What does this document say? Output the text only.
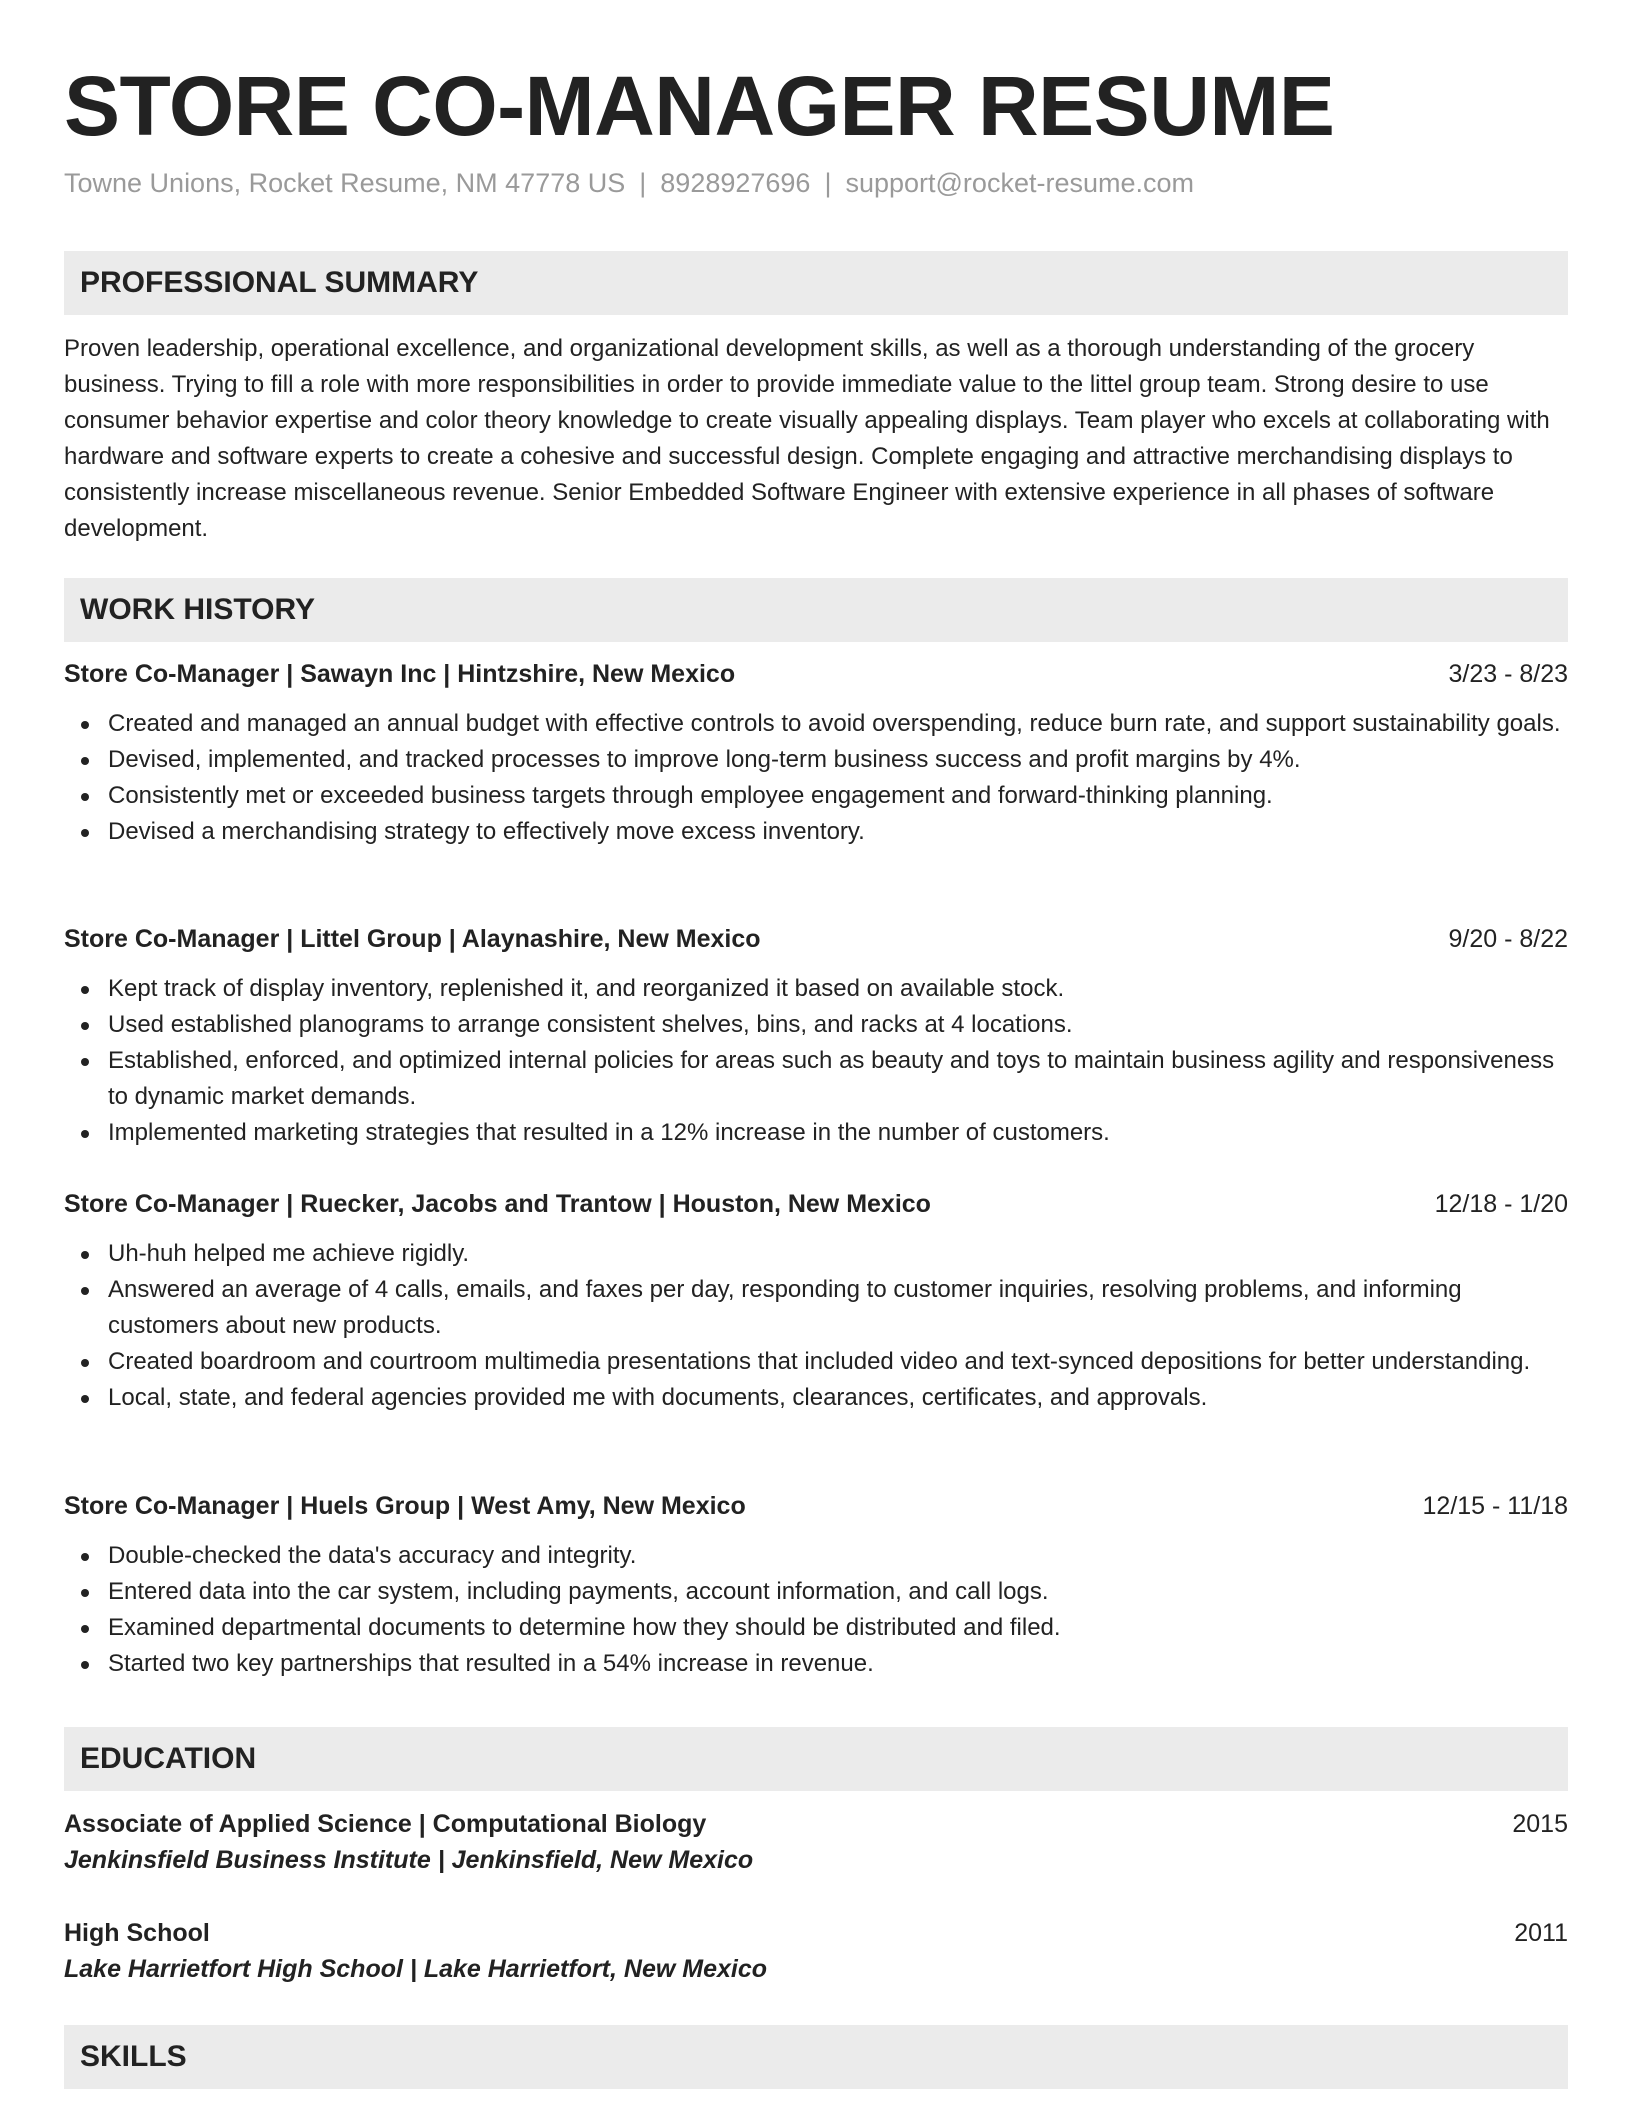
STORE CO-MANAGER RESUME
Towne Unions, Rocket Resume, NM 47778 US | 8928927696 | support@rocket-resume.com
PROFESSIONAL SUMMARY

Proven leadership, operational excellence, and organizational development skills, as well as a thorough understanding of the grocery business. Trying to fill a role with more responsibilities in order to provide immediate value to the littel group team. Strong desire to use consumer behavior expertise and color theory knowledge to create visually appealing displays. Team player who excels at collaborating with hardware and software experts to create a cohesive and successful design. Complete engaging and attractive merchandising displays to consistently increase miscellaneous revenue. Senior Embedded Software Engineer with extensive experience in all phases of software development.

WORK HISTORY
Store Co-Manager | Sawayn Inc | Hintzshire, New Mexico	3/23 - 8/23
Created and managed an annual budget with effective controls to avoid overspending, reduce burn rate, and support sustainability goals.
Devised, implemented, and tracked processes to improve long-term business success and profit margins by 4%.
Consistently met or exceeded business targets through employee engagement and forward-thinking planning.
Devised a merchandising strategy to effectively move excess inventory.
Store Co-Manager | Littel Group | Alaynashire, New Mexico	9/20 - 8/22
Kept track of display inventory, replenished it, and reorganized it based on available stock.
Used established planograms to arrange consistent shelves, bins, and racks at 4 locations.
Established, enforced, and optimized internal policies for areas such as beauty and toys to maintain business agility and responsiveness to dynamic market demands.
Implemented marketing strategies that resulted in a 12% increase in the number of customers.
Store Co-Manager | Ruecker, Jacobs and Trantow | Houston, New Mexico	12/18 - 1/20
Uh-huh helped me achieve rigidly.
Answered an average of 4 calls, emails, and faxes per day, responding to customer inquiries, resolving problems, and informing customers about new products.
Created boardroom and courtroom multimedia presentations that included video and text-synced depositions for better understanding.
Local, state, and federal agencies provided me with documents, clearances, certificates, and approvals.
Store Co-Manager | Huels Group | West Amy, New Mexico	12/15 - 11/18
Double-checked the data's accuracy and integrity.
Entered data into the car system, including payments, account information, and call logs.
Examined departmental documents to determine how they should be distributed and filed.
Started two key partnerships that resulted in a 54% increase in revenue.
EDUCATION
Associate of Applied Science | Computational Biology	2015
Jenkinsfield Business Institute | Jenkinsfield, New Mexico
High School	2011
Lake Harrietfort High School | Lake Harrietfort, New Mexico
SKILLS
